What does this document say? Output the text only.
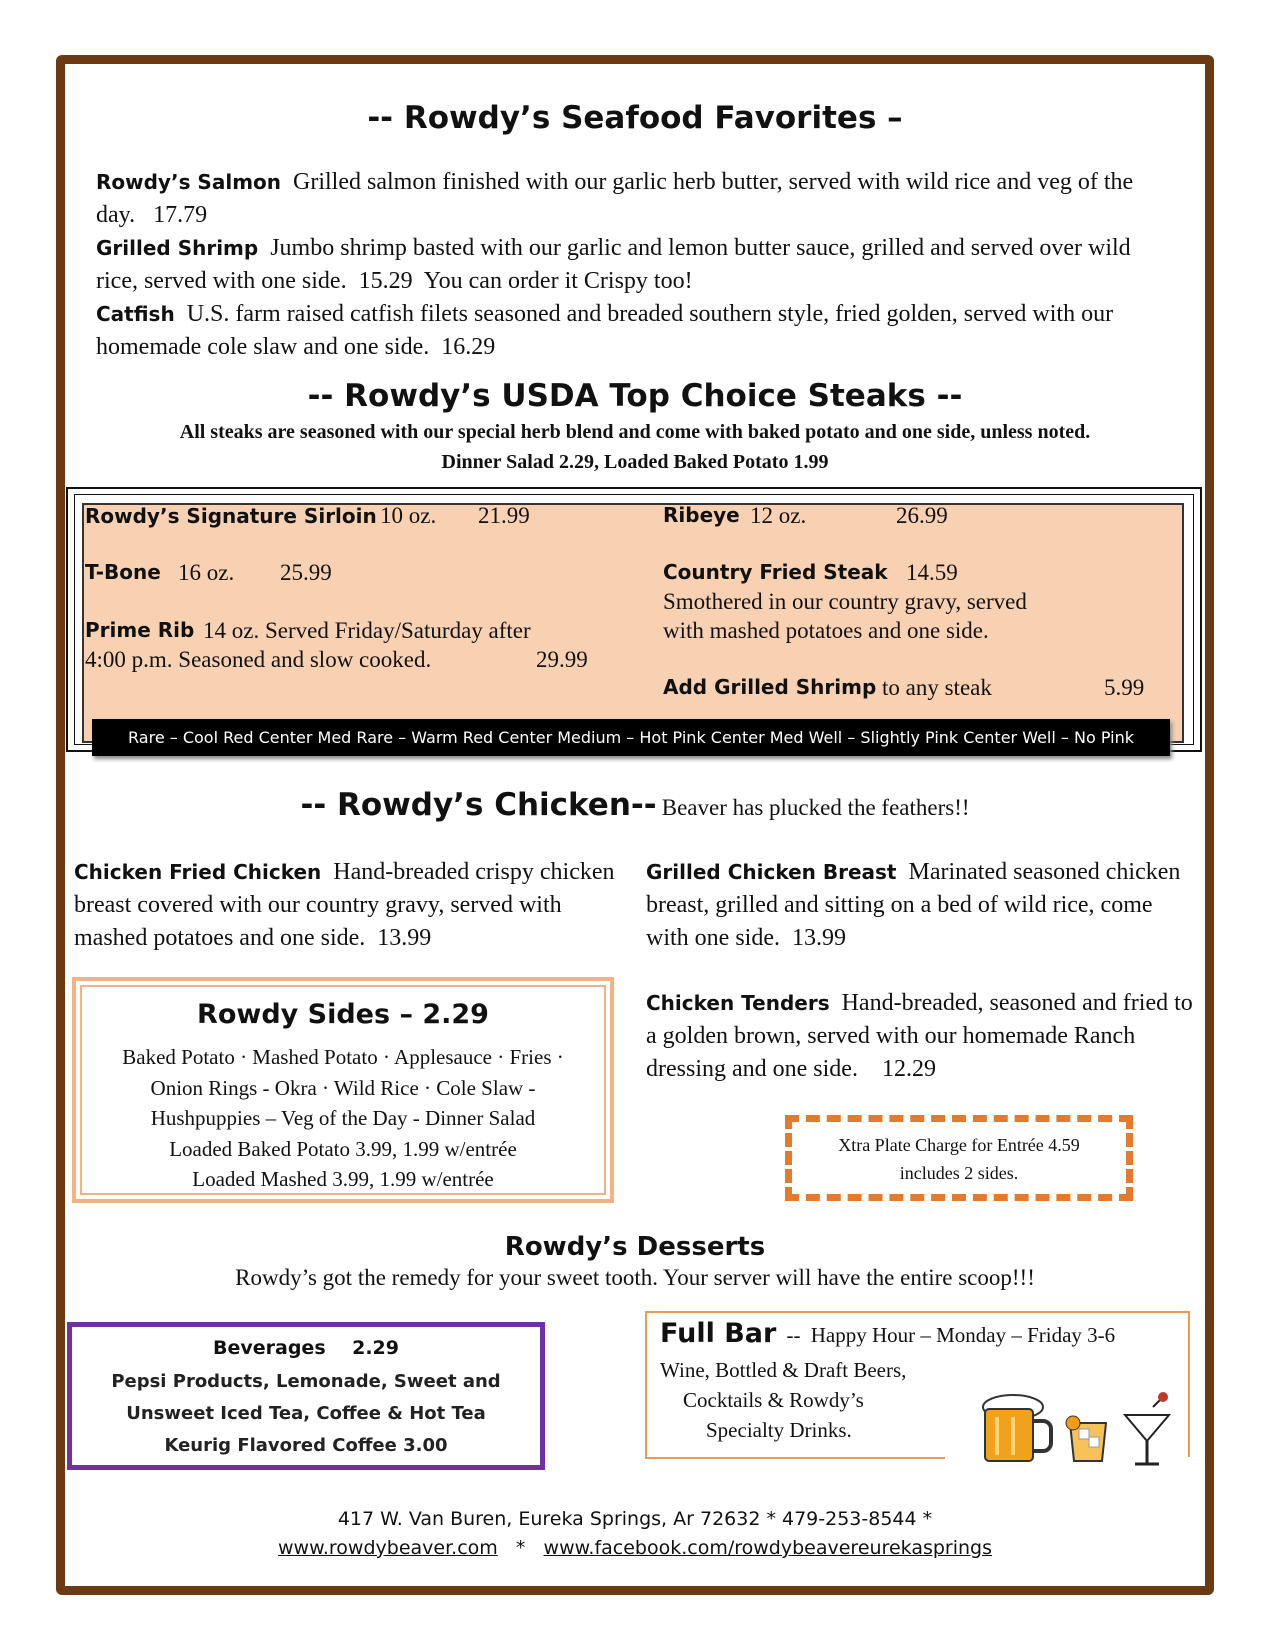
-- Rowdy’s Seafood Favorites –
Rowdy’s Salmon Grilled salmon finished with our garlic herb butter, served with wild rice and veg of the day. 17.79
Grilled Shrimp Jumbo shrimp basted with our garlic and lemon butter sauce, grilled and served over wild rice, served with one side. 15.29 You can order it Crispy too!
Catfish U.S. farm raised catfish filets seasoned and breaded southern style, fried golden, served with our homemade cole slaw and one side. 16.29
-- Rowdy’s USDA Top Choice Steaks --
All steaks are seasoned with our special herb blend and come with baked potato and one side, unless noted.
Dinner Salad 2.29, Loaded Baked Potato 1.99
Rowdy’s Signature Sirloin 10 oz. 21.99	Ribeye 12 oz.	26.99
T-Bone 16 oz. 25.99	Country Fried Steak 14.59
Smothered in our country gravy, served
with mashed potatoes and one side.
Prime Rib 14 oz. Served Friday/Saturday after
4:00 p.m. Seasoned and slow cooked.	29.99
Add Grilled Shrimp to any steak	5.99
Rare – Cool Red Center Med Rare – Warm Red Center Medium – Hot Pink Center Med Well – Slightly Pink Center Well – No Pink
-- Rowdy’s Chicken-- Beaver has plucked the feathers!!
Chicken Fried Chicken Hand-breaded crispy chicken breast covered with our country gravy, served with mashed potatoes and one side. 13.99
Grilled Chicken Breast Marinated seasoned chicken breast, grilled and sitting on a bed of wild rice, come with one side. 13.99
Chicken Tenders Hand-breaded, seasoned and fried to a golden brown, served with our homemade Ranch dressing and one side. 12.29
Rowdy Sides – 2.29
Baked Potato · Mashed Potato · Applesauce · Fries ·
Onion Rings - Okra · Wild Rice · Cole Slaw -
Hushpuppies – Veg of the Day - Dinner Salad
Loaded Baked Potato 3.99, 1.99 w/entrée
Loaded Mashed 3.99, 1.99 w/entrée
Xtra Plate Charge for Entrée 4.59
includes 2 sides.
Rowdy’s Desserts
Rowdy’s got the remedy for your sweet tooth. Your server will have the entire scoop!!!
Beverages 2.29
Pepsi Products, Lemonade, Sweet and
Unsweet Iced Tea, Coffee & Hot Tea
Keurig Flavored Coffee 3.00
Full Bar -- Happy Hour – Monday – Friday 3-6
Wine, Bottled & Draft Beers,
Cocktails & Rowdy’s
Specialty Drinks.
417 W. Van Buren, Eureka Springs, Ar 72632 * 479-253-8544 *
www.rowdybeaver.com * www.facebook.com/rowdybeavereurekasprings
